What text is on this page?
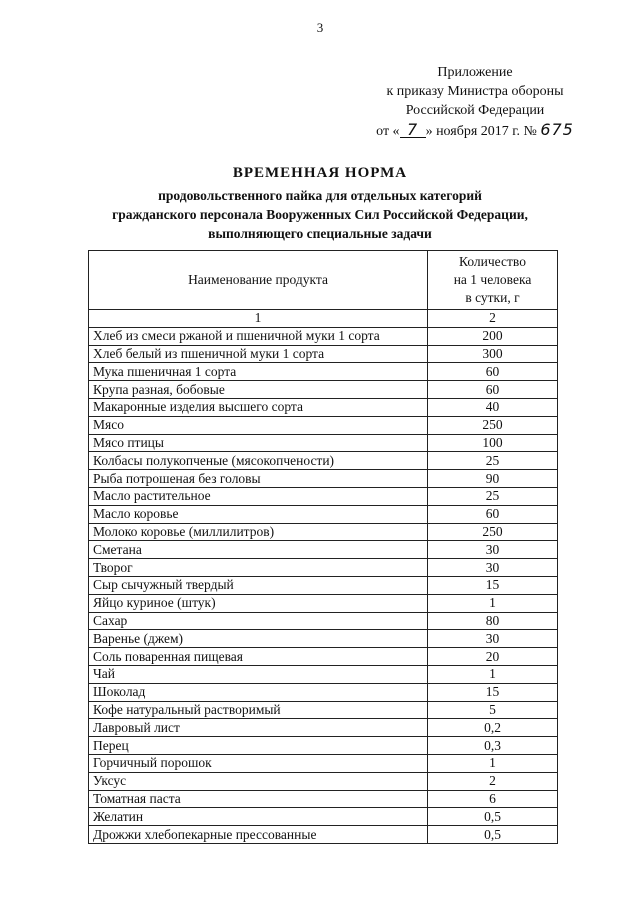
3
Приложение
к приказу Министра обороны
Российской Федерации
от « 7 » ноября 2017 г. № 675
ВРЕМЕННАЯ НОРМА
продовольственного пайка для отдельных категорий
гражданского персонала Вооруженных Сил Российской Федерации,
выполняющего специальные задачи
Наименование продукта	Количество
на 1 человека
в сутки, г

1	2
Хлеб из смеси ржаной и пшеничной муки 1 сорта	200
Хлеб белый из пшеничной муки 1 сорта	300
Мука пшеничная 1 сорта	60
Крупа разная, бобовые	60
Макаронные изделия высшего сорта	40
Мясо	250
Мясо птицы	100
Колбасы полукопченые (мясокопчености)	25
Рыба потрошеная без головы	90
Масло растительное	25
Масло коровье	60
Молоко коровье (миллилитров)	250
Сметана	30
Творог	30
Сыр сычужный твердый	15
Яйцо куриное (штук)	1
Сахар	80
Варенье (джем)	30
Соль поваренная пищевая	20
Чай	1
Шоколад	15
Кофе натуральный растворимый	5
Лавровый лист	0,2
Перец	0,3
Горчичный порошок	1
Уксус	2
Томатная паста	6
Желатин	0,5
Дрожжи хлебопекарные прессованные	0,5
